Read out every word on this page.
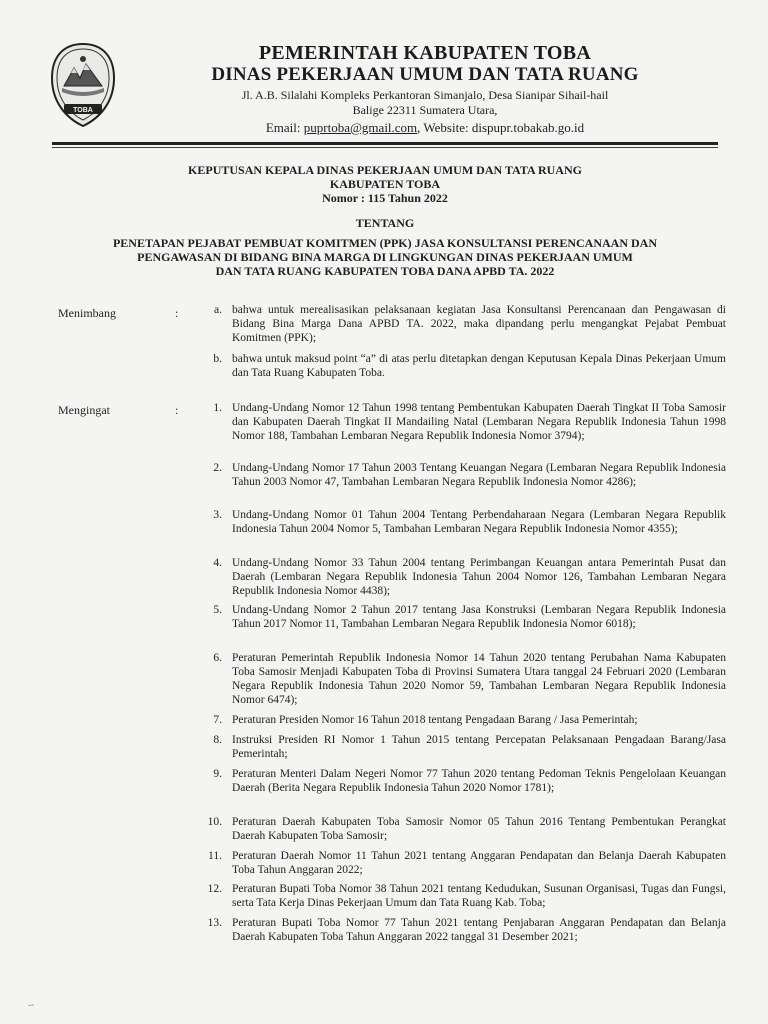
TOBA
PEMERINTAH KABUPATEN TOBA
DINAS PEKERJAAN UMUM DAN TATA RUANG
Jl. A.B. Silalahi Kompleks Perkantoran Simanjalo, Desa Sianipar Sihail-hail
Balige 22311 Sumatera Utara,
Email: puprtoba@gmail.com, Website: dispupr.tobakab.go.id
KEPUTUSAN KEPALA DINAS PEKERJAAN UMUM DAN TATA RUANG
KABUPATEN TOBA
Nomor : 115 Tahun 2022
TENTANG
PENETAPAN PEJABAT PEMBUAT KOMITMEN (PPK) JASA KONSULTANSI PERENCANAAN DAN
PENGAWASAN DI BIDANG BINA MARGA DI LINGKUNGAN DINAS PEKERJAAN UMUM
DAN TATA RUANG KABUPATEN TOBA DANA APBD TA. 2022
Menimbang	:	a. bahwa untuk merealisasikan pelaksanaan kegiatan Jasa Konsultansi Perencanaan dan Pengawasan di Bidang Bina Marga Dana APBD TA. 2022, maka dipandang perlu mengangkat Pejabat Pembuat Komitmen (PPK);
b. bahwa untuk maksud point “a” di atas perlu ditetapkan dengan Keputusan Kepala Dinas Pekerjaan Umum dan Tata Ruang Kabupaten Toba.
Mengingat	:	1. Undang-Undang Nomor 12 Tahun 1998 tentang Pembentukan Kabupaten Daerah Tingkat II Toba Samosir dan Kabupaten Daerah Tingkat II Mandailing Natal (Lembaran Negara Republik Indonesia Tahun 1998 Nomor 188, Tambahan Lembaran Negara Republik Indonesia Nomor 3794);
2. Undang-Undang Nomor 17 Tahun 2003 Tentang Keuangan Negara (Lembaran Negara Republik Indonesia Tahun 2003 Nomor 47, Tambahan Lembaran Negara Republik Indonesia Nomor 4286);
3. Undang-Undang Nomor 01 Tahun 2004 Tentang Perbendaharaan Negara (Lembaran Negara Republik Indonesia Tahun 2004 Nomor 5, Tambahan Lembaran Negara Republik Indonesia Nomor 4355);
4. Undang-Undang Nomor 33 Tahun 2004 tentang Perimbangan Keuangan antara Pemerintah Pusat dan Daerah (Lembaran Negara Republik Indonesia Tahun 2004 Nomor 126, Tambahan Lembaran Negara Republik Indonesia Nomor 4438);
5. Undang-Undang Nomor 2 Tahun 2017 tentang Jasa Konstruksi (Lembaran Negara Republik Indonesia Tahun 2017 Nomor 11, Tambahan Lembaran Negara Republik Indonesia Nomor 6018);
6. Peraturan Pemerintah Republik Indonesia Nomor 14 Tahun 2020 tentang Perubahan Nama Kabupaten Toba Samosir Menjadi Kabupaten Toba di Provinsi Sumatera Utara tanggal 24 Februari 2020 (Lembaran Negara Republik Indonesia Tahun 2020 Nomor 59, Tambahan Lembaran Negara Republik Indonesia Nomor 6474);
7. Peraturan Presiden Nomor 16 Tahun 2018 tentang Pengadaan Barang / Jasa Pemerintah;
8. Instruksi Presiden RI Nomor 1 Tahun 2015 tentang Percepatan Pelaksanaan Pengadaan Barang/Jasa Pemerintah;
9. Peraturan Menteri Dalam Negeri Nomor 77 Tahun 2020 tentang Pedoman Teknis Pengelolaan Keuangan Daerah (Berita Negara Republik Indonesia Tahun 2020 Nomor 1781);
10. Peraturan Daerah Kabupaten Toba Samosir Nomor 05 Tahun 2016 Tentang Pembentukan Perangkat Daerah Kabupaten Toba Samosir;
11. Peraturan Daerah Nomor 11 Tahun 2021 tentang Anggaran Pendapatan dan Belanja Daerah Kabupaten Toba Tahun Anggaran 2022;
12. Peraturan Bupati Toba Nomor 38 Tahun 2021 tentang Kedudukan, Susunan Organisasi, Tugas dan Fungsi, serta Tata Kerja Dinas Pekerjaan Umum dan Tata Ruang Kab. Toba;
13. Peraturan Bupati Toba Nomor 77 Tahun 2021 tentang Penjabaran Anggaran Pendapatan dan Belanja Daerah Kabupaten Toba Tahun Anggaran 2022 tanggal 31 Desember 2021;
ˉ˜
